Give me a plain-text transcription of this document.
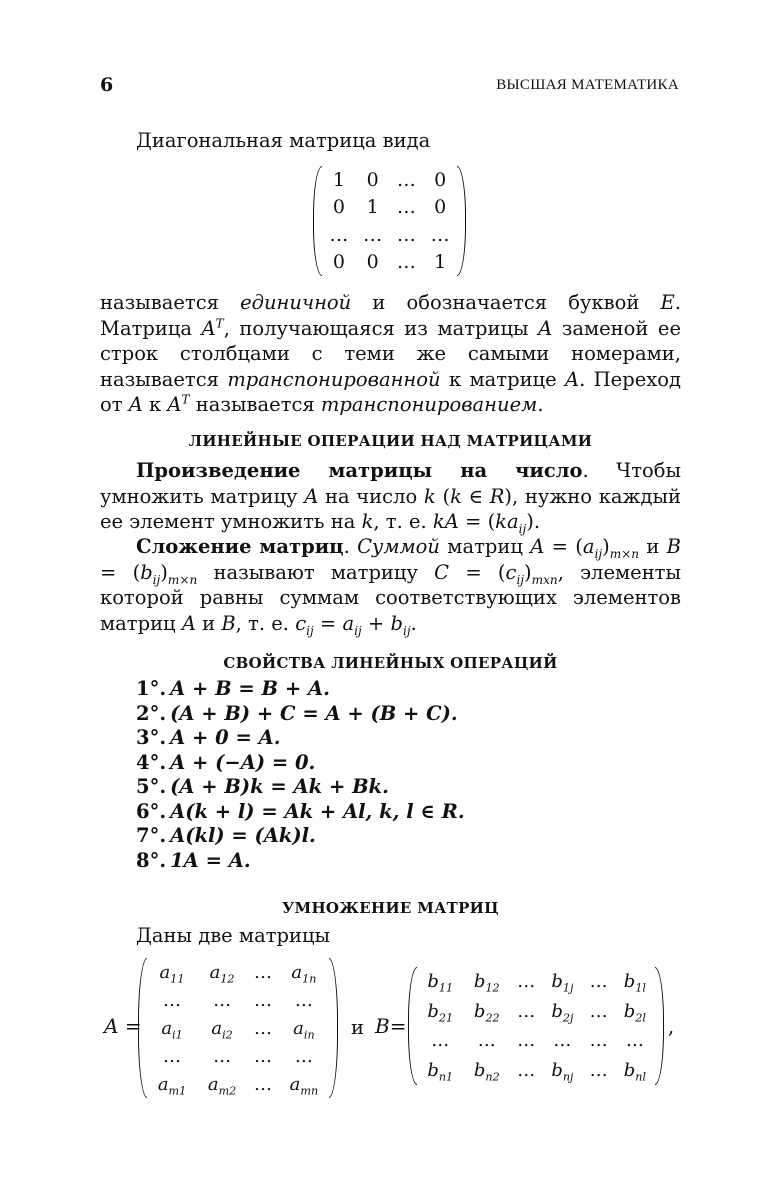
6	ВЫСШАЯ МАТЕМАТИКА

Диагональная матрица вида

1	0	…	0
0	1	…	0
…	…	…	…
0	0	…	1

называется единичной и обозначается буквой E. Матрица $A^T$, получающаяся из матрицы A заменой ее строк столбцами с теми же самыми номерами, называется транспонированной к матрице A. Переход от A к $A^T$ называется транспонированием.

ЛИНЕЙНЫЕ ОПЕРАЦИИ НАД МАТРИЦАМИ

Произведение матрицы на число. Чтобы умножить матрицу A на число k (k ∈ R), нужно каждый ее элемент умножить на k, т. е. kA = $(ka_{ij})$.

Сложение матриц. Суммой матриц $A = (a_{ij})_{m\times n}$ и $B = (b_{ij})_{m\times n}$ называют матрицу $C = (c_{ij})_{mxn}$, элементы которой равны суммам соответствующих элементов матриц A и B, т. е. $c_{ij} = a_{ij} + b_{ij}$.

СВОЙСТВА ЛИНЕЙНЫХ ОПЕРАЦИЙ
1°. A + B = B + A.
2°. (A + B) + C = A + (B + C).
3°. A + 0 = A.
4°. A + (−A) = 0.
5°. (A + B)k = Ak + Bk.
6°. A(k + l) = Ak + Al, k, l ∈ R.
7°. A(kl) = (Ak)l.
8°. 1A = A.
УМНОЖЕНИЕ МАТРИЦ

Даны две матрицы

A =
$a_{11}$	$a_{12}$	…	$a_{1n}$
…	…	…	…
$a_{i1}$	$a_{i2}$	…	$a_{in}$
…	…	…	…
$a_{m1}$	$a_{m2}$	…	$a_{mn}$
и B=
$b_{11}$	$b_{12}$	…	$b_{1j}$	…	$b_{1l}$
$b_{21}$	$b_{22}$	…	$b_{2j}$	…	$b_{2l}$
…	…	…	…	…	…
$b_{n1}$	$b_{n2}$	…	$b_{nj}$	…	$b_{nl}$
,
